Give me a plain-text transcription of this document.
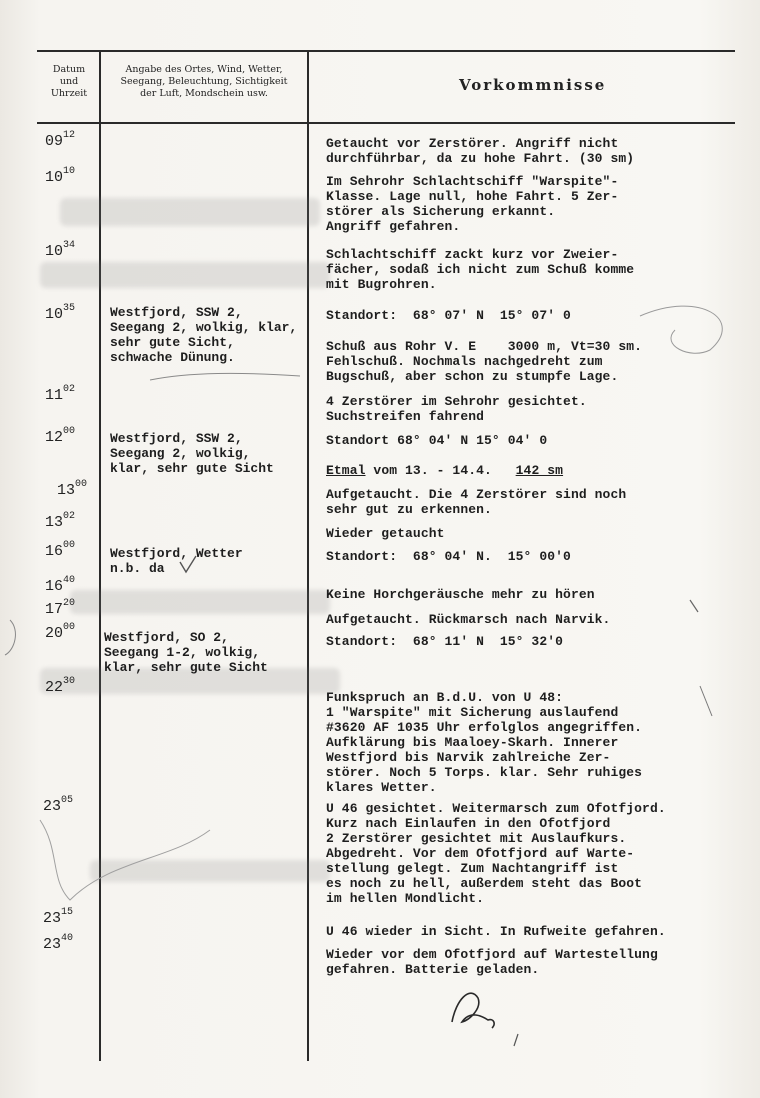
Datum
und
Uhrzeit
Angabe des Ortes, Wind, Wetter,
Seegang, Beleuchtung, Sichtigkeit
der Luft, Mondschein usw.	Vorkommnisse
$09^{12}$
$10^{10}$
$10^{34}$
$10^{35}$
$11^{02}$
$12^{00}$
$13^{00}$
$13^{02}$
$16^{00}$
$16^{40}$
$17^{20}$
$20^{00}$
$22^{30}$
$23^{05}$
$23^{15}$
$23^{40}$
Westfjord, SSW 2,
Seegang 2, wolkig, klar,
sehr gute Sicht,
schwache Dünung.
Westfjord, SSW 2,
Seegang 2, wolkig,
klar, sehr gute Sicht
Westfjord, Wetter
n.b. da
Westfjord, SO 2,
Seegang 1-2, wolkig,
klar, sehr gute Sicht
Getaucht vor Zerstörer. Angriff nicht
durchführbar, da zu hohe Fahrt. (30 sm)
Im Sehrohr Schlachtschiff "Warspite"-
Klasse. Lage null, hohe Fahrt. 5 Zer-
störer als Sicherung erkannt.
Angriff gefahren.
Schlachtschiff zackt kurz vor Zweier-
fächer, sodaß ich nicht zum Schuß komme
mit Bugrohren.
Standort:  68° 07' N  15° 07' 0
Schuß aus Rohr V. E    3000 m, Vt=30 sm.
Fehlschuß. Nochmals nachgedreht zum
Bugschuß, aber schon zu stumpfe Lage.
4 Zerstörer im Sehrohr gesichtet.
Suchstreifen fahrend
Standort 68° 04' N 15° 04' 0
Etmal vom 13. - 14.4.   142 sm
Aufgetaucht. Die 4 Zerstörer sind noch
sehr gut zu erkennen.
Wieder getaucht
Standort:  68° 04' N.  15° 00'0
Keine Horchgeräusche mehr zu hören
Aufgetaucht. Rückmarsch nach Narvik.
Standort:  68° 11' N  15° 32'0
Funkspruch an B.d.U. von U 48:
1 "Warspite" mit Sicherung auslaufend
#3620 AF 1035 Uhr erfolglos angegriffen.
Aufklärung bis Maaloey-Skarh. Innerer
Westfjord bis Narvik zahlreiche Zer-
störer. Noch 5 Torps. klar. Sehr ruhiges
klares Wetter.
U 46 gesichtet. Weitermarsch zum Ofotfjord.
Kurz nach Einlaufen in den Ofotfjord
2 Zerstörer gesichtet mit Auslaufkurs.
Abgedreht. Vor dem Ofotfjord auf Warte-
stellung gelegt. Zum Nachtangriff ist
es noch zu hell, außerdem steht das Boot
im hellen Mondlicht.
U 46 wieder in Sicht. In Rufweite gefahren.
Wieder vor dem Ofotfjord auf Wartestellung
gefahren. Batterie geladen.
